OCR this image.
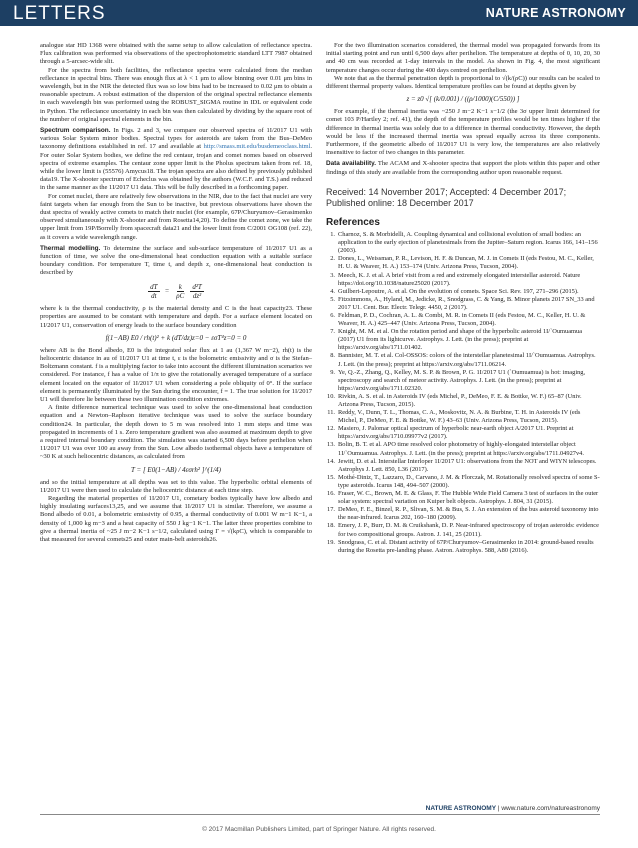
LETTERS	NATURE ASTRONOMY

analogue star HD 1368 were obtained with the same setup to allow calculation of reflectance spectra. Flux calibration was performed via observations of the spectrophotometric standard LTT 7987 obtained through a 5-arcsec-wide slit.

For the spectra from both facilities, the reflectance spectra were calculated from the median reflectance in spectral bins. There was enough flux at λ < 1 μm to allow binning over 0.01 μm bins in wavelength, but in the NIR the detected flux was so low bins had to be increased to 0.02 μm to obtain a reasonable spectrum. A robust estimation of the dispersion of the original spectral reflectance elements in each wavelength bin was performed using the ROBUST_SIGMA routine in IDL or equivalent code in Python. The reflectance uncertainty in each bin was then calculated by dividing by the square root of the number of original spectral elements in the bin.

Spectrum comparison. In Figs. 2 and 3, we compare our observed spectra of 1I/2017 U1 with various Solar System minor bodies. Spectral types for asteroids are taken from the Bus–DeMeo taxonomy definitions established in ref. 17 and available at http://smass.mit.edu/busdemeoclass.html. For outer Solar System bodies, we define the red centaur, trojan and comet nomes based on observed spectra of extreme examples. The centaur zone upper limit is the Pholus spectrum taken from ref. 18, while the lower limit is (55576) Amycus18. The trojan spectra are also defined by previously published data19. The X-shooter spectrum of Echeclus was obtained by the authors (W.C.F. and T.S.) and reduced in the same manner as the 1I/2017 U1 data. This will be fully described in a forthcoming paper.

For comet nuclei, there are relatively few observations in the NIR, due to the fact that nuclei are very faint targets when far enough from the Sun to be inactive, but previous observations have shown the dust spectra of weakly active comets to match their nuclei (for example, 67P/Churyumov–Gerasimenko observed simultaneously with X-shooter and from Rosetta14,20). To define the comet zone, we take the upper limit from 19P/Borrelly from spacecraft data21 and the lower limit from C/2001 OG108 (ref. 22), as it covers a wide wavelength range.

Thermal modelling. To determine the surface and sub-surface temperature of 1I/2017 U1 as a function of time, we solve the one-dimensional heat conduction equation with a suitable surface boundary condition. For temperature T, time t, and depth z, one-dimensional heat conduction is described by

$\frac{dT}{dt} = \frac{k}{\rho C} \frac{\text{d²T}}{\text{dz²}}$

where k is the thermal conductivity, ρ is the material density and C is the heat capacity23. These properties are assumed to be constant with temperature and depth. For a surface element located on 1I/2017 U1, conservation of energy leads to the surface boundary condition

f(1−AB) E0 / rh(t)² + k (dT/dz)z=0 − εσT⁴z=0 = 0

where AB is the Bond albedo, E0 is the integrated solar flux at 1 au (1,367 W m−2), rh(t) is the heliocentric distance in au of 1I/2017 U1 at time t, ε is the bolometric emissivity and σ is the Stefan–Boltzmann constant. f is a multiplying factor to take into account the different illumination scenarios we considered. For instance, f has a value of 1/π to give the rotationally averaged temperature of a surface element located on the equator of 1I/2017 U1 when considering a pole obliquity of 0°. If the surface element is permanently illuminated by the Sun during the encounter, f = 1. The true solution for 1I/2017 U1 will therefore lie between these two illumination condition extremes.

A finite difference numerical technique was used to solve the one-dimensional heat conduction equation and a Newton–Raphson iterative technique was used to solve the surface boundary condition24. In particular, the depth down to 5 m was resolved into 1 mm steps and time was propagated in increments of 1 s. Zero temperature gradient was also assumed at maximum depth to give a required internal boundary condition. The simulation was started 6,500 days before perihelion when 1I/2017 U1 was over 100 au away from the Sun. Low albedo isothermal objects have a temperature of ~30 K at such heliocentric distances, as calculated from

T = [ E0(1−AB) / 4εσrh² ]^(1/4)

and so the initial temperature at all depths was set to this value. The hyperbolic orbital elements of 1I/2017 U1 were then used to calculate the heliocentric distance at each time step.

Regarding the material properties of 1I/2017 U1, cometary bodies typically have low albedo and highly insulating surfaces13,25, and we assume that 1I/2017 U1 is similar. Therefore, we assume a Bond albedo of 0.01, a bolometric emissivity of 0.95, a thermal conductivity of 0.001 W m−1 K−1, a density of 1,000 kg m−3 and a heat capacity of 550 J kg−1 K−1. The latter three properties combine to give a thermal inertia of ~25 J m−2 K−1 s−1/2, calculated using Γ = √(kρC), which is comparable to that measured for several comets25 and outer main-belt asteroids26.

For the two illumination scenarios considered, the thermal model was propagated forwards from its initial starting point and run until 6,500 days after perihelion. The temperature at depths of 0, 10, 20, 30 and 40 cm was recorded at 1-day intervals in the model. As shown in Fig. 4, the most significant temperature changes occur during the 400 days centred on perihelion.

We note that as the thermal penetration depth is proportional to √(k/(ρC)) our results can be scaled to different thermal property values. Identical temperature profiles can be found at depths given by

z = z0 √[ (k/0.001) / ((ρ/1000)(C/550)) ]

For example, if the thermal inertia was ~250 J m−2 K−1 s−1/2 (the 3σ upper limit determined for comet 103 P/Hartley 2; ref. 41), the depth of the temperature profiles would be ten times higher if the difference in thermal inertia was solely due to a difference in thermal conductivity. However, the depth would be less if the increased thermal inertia was spread equally across its three components. Furthermore, if the geometric albedo of 1I/2017 U1 is very low, the temperatures are also relatively insensitive to factor of two changes in this parameter.

Data availability. The ACAM and X-shooter spectra that support the plots within this paper and other findings of this study are available from the corresponding author upon reasonable request.

Received: 14 November 2017; Accepted: 4 December 2017;
Published online: 18 December 2017
References
1. Charnoz, S. & Morbidelli, A. Coupling dynamical and collisional evolution of small bodies: an application to the early ejection of planetesimals from the Jupiter–Saturn region. Icarus 166, 141–156 (2003).
2. Dones, L., Weissman, P. R., Levison, H. F. & Duncan, M. J. in Comets II (eds Festou, M. C., Keller, H. U. & Weaver, H. A.) 153–174 (Univ. Arizona Press, Tucson, 2004).
3. Meech, K. J. et al. A brief visit from a red and extremely elongated interstellar asteroid. Nature https://doi.org/10.1038/nature25020 (2017).
4. Guilbert-Lepoutre, A. et al. On the evolution of comets. Space Sci. Rev. 197, 271–296 (2015).
5. Fitzsimmons, A., Hyland, M., Jedicke, R., Snodgrass, C. & Yang, B. Minor planets 2017 SN_33 and 2017 U1. Cent. Bur. Electr. Telegr. 4450, 2 (2017).
6. Feldman, P. D., Cochran, A. L. & Combi, M. R. in Comets II (eds Festou, M. C., Keller, H. U. & Weaver, H. A.) 425–447 (Univ. Arizona Press, Tucson, 2004).
7. Knight, M. M. et al. On the rotation period and shape of the hyperbolic asteroid 1I/`Oumuamua (2017) U1 from its lightcurve. Astrophys. J. Lett. (in the press); preprint at https://arxiv.org/abs/1711.01402.
8. Bannister, M. T. et al. Col-OSSOS: colors of the interstellar planetesimal 1I/`Oumuamua. Astrophys. J. Lett. (in the press); preprint at https://arxiv.org/abs/1711.06214.
9. Ye, Q.-Z., Zhang, Q., Kelley, M. S. P. & Brown, P. G. 1I/2017 U1 (`Oumuamua) is hot: imaging, spectroscopy and search of meteor activity. Astrophys. J. Lett. (in the press); preprint at https://arxiv.org/abs/1711.02320.
10. Rivkin, A. S. et al. in Asteroids IV (eds Michel, P., DeMeo, F. E. & Bottke, W. F.) 65–87 (Univ. Arizona Press, Tucson, 2015).
11. Reddy, V., Dunn, T. L., Thomas, C. A., Moskovitz, N. A. & Burbine, T. H. in Asteroids IV (eds Michel, P., DeMeo, F. E. & Bottke, W. F.) 43–63 (Univ. Arizona Press, Tucson, 2015).
12. Masiero, J. Palomar optical spectrum of hyperbolic near-earth object A/2017 U1. Preprint at https://arxiv.org/abs/1710.09977v2 (2017).
13. Bolin, B. T. et al. APO time resolved color photometry of highly-elongated interstellar object 1I/`Oumuamua. Astrophys. J. Lett. (in the press); preprint at https://arxiv.org/abs/1711.04927v4.
14. Jewitt, D. et al. Interstellar Interloper 1I/2017 U1: observations from the NOT and WIYN telescopes. Astrophys J. Lett. 850, L36 (2017).
15. Mothé-Diniz, T., Lazzaro, D., Carvano, J. M. & Florczak, M. Rotationally resolved spectra of some S-type asteroids. Icarus 148, 494–507 (2000).
16. Fraser, W. C., Brown, M. E. & Glass, F. The Hubble Wide Field Camera 3 test of surfaces in the outer solar system: spectral variation on Kuiper belt objects. Astrophys. J. 804, 31 (2015).
17. DeMeo, F. E., Binzel, R. P., Slivan, S. M. & Bus, S. J. An extension of the bus asteroid taxonomy into the near-infrared. Icarus 202, 160–180 (2009).
18. Emery, J. P., Burr, D. M. & Cruikshank, D. P. Near-infrared spectroscopy of trojan asteroids: evidence for two compositional groups. Astron. J. 141, 25 (2011).
19. Snodgrass, C. et al. Distant activity of 67P/Churyumov–Gerasimenko in 2014: ground-based results during the Rosetta pre-landing phase. Astron. Astrophys. 588, A80 (2016).
NATURE ASTRONOMY | www.nature.com/natureastronomy
© 2017 Macmillan Publishers Limited, part of Springer Nature. All rights reserved.
